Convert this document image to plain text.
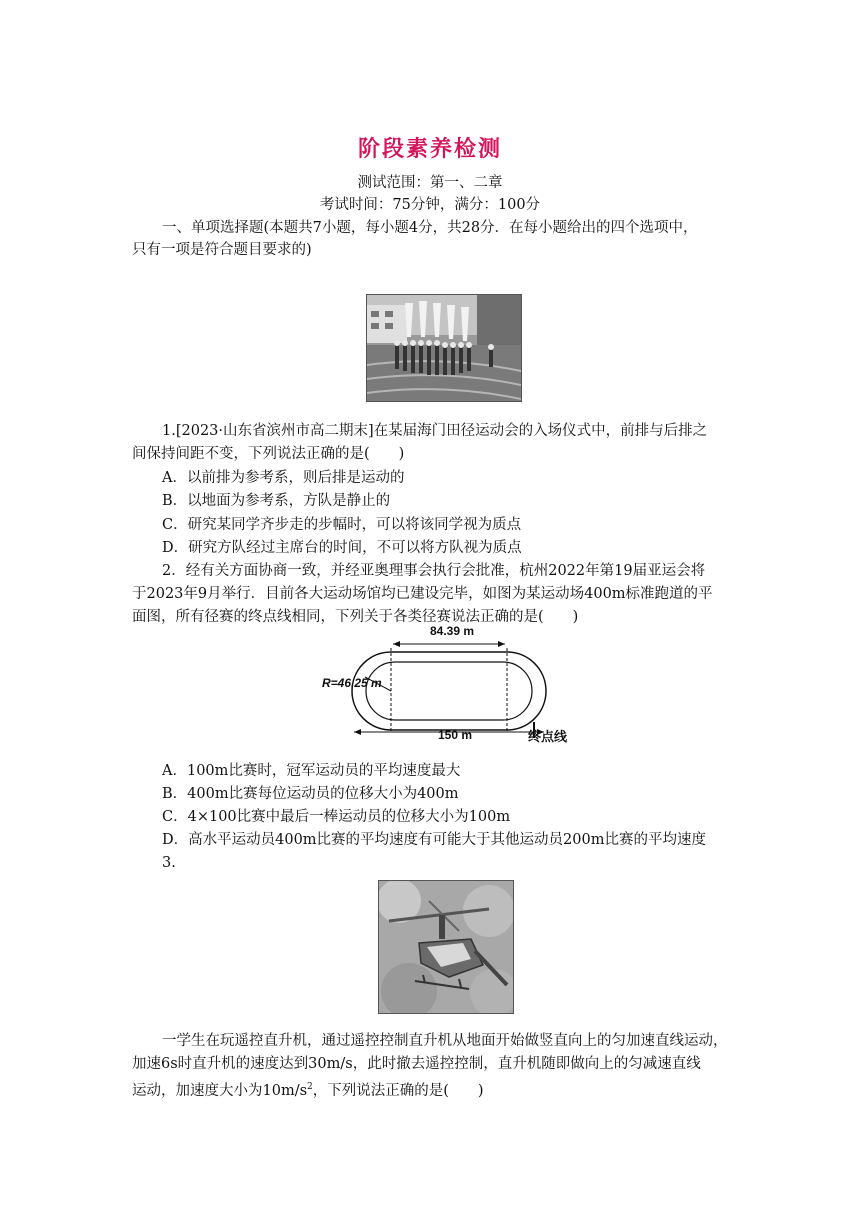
阶段素养检测
测试范围：第一、二章
考试时间：75分钟，满分：100分
一、单项选择题(本题共7小题，每小题4分，共28分．在每小题给出的四个选项中，
只有一项是符合题目要求的)
1.[2023·山东省滨州市高二期末]在某届海门田径运动会的入场仪式中，前排与后排之
间保持间距不变，下列说法正确的是(　　)
A．以前排为参考系，则后排是运动的
B．以地面为参考系，方队是静止的
C．研究某同学齐步走的步幅时，可以将该同学视为质点
D．研究方队经过主席台的时间，不可以将方队视为质点
2．经有关方面协商一致，并经亚奥理事会执行会批准，杭州2022年第19届亚运会将
于2023年9月举行．目前各大运动场馆均已建设完毕，如图为某运动场400m标准跑道的平
面图，所有径赛的终点线相同，下列关于各类径赛说法正确的是(　　)
84.39 m
R=46.25 m
150 m	终点线
A．100m比赛时，冠军运动员的平均速度最大
B．400m比赛每位运动员的位移大小为400m
C．4×100比赛中最后一棒运动员的位移大小为100m
D．高水平运动员400m比赛的平均速度有可能大于其他运动员200m比赛的平均速度
3.
一学生在玩遥控直升机，通过遥控控制直升机从地面开始做竖直向上的匀加速直线运动，
加速6s时直升机的速度达到30m/s，此时撤去遥控控制，直升机随即做向上的匀减速直线
运动，加速度大小为$10m/s^2$，下列说法正确的是(　　)
